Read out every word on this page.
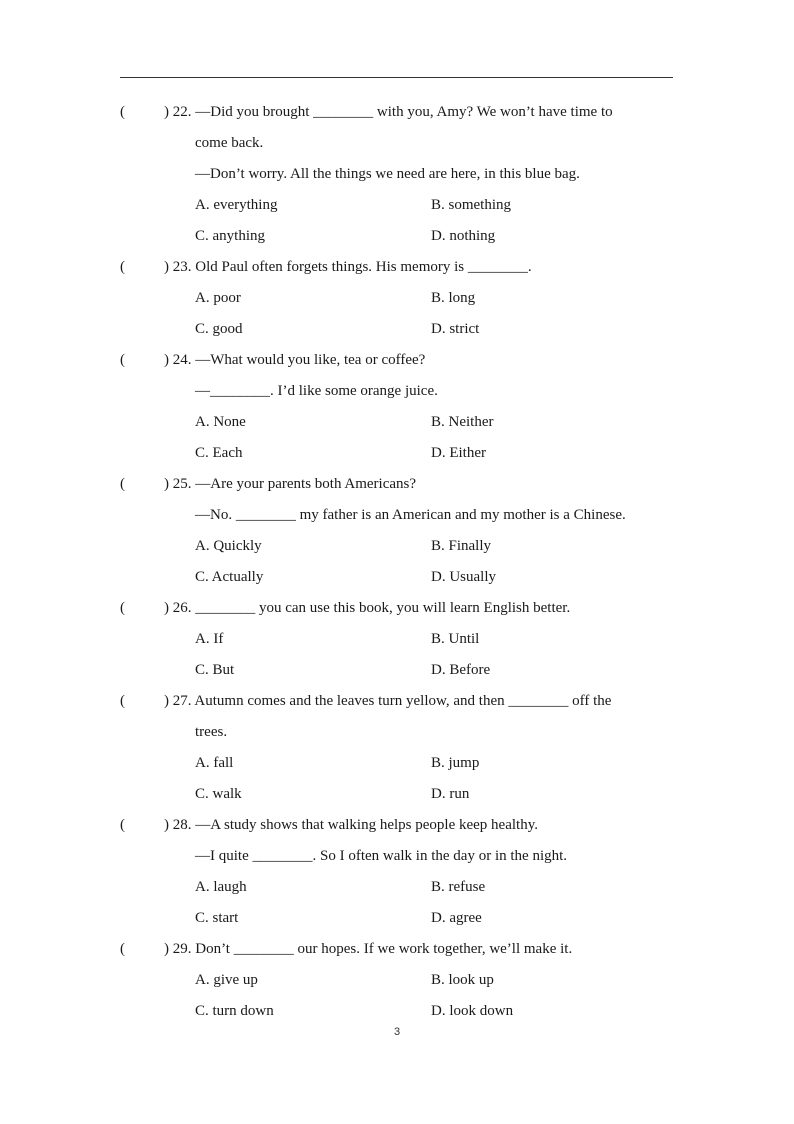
(	) 22. —Did you brought ________ with you, Amy? We won’t have time to
come back.
—Don’t worry. All the things we need are here, in this blue bag.
A. everything	B. something
C. anything	D. nothing
(	) 23. Old Paul often forgets things. His memory is ________.
A. poor	B. long
C. good	D. strict
(	) 24. —What would you like, tea or coffee?
—________. I’d like some orange juice.
A. None	B. Neither
C. Each	D. Either
(	) 25. —Are your parents both Americans?
—No. ________ my father is an American and my mother is a Chinese.
A. Quickly	B. Finally
C. Actually	D. Usually
(	) 26. ________ you can use this book, you will learn English better.
A. If	B. Until
C. But	D. Before
(	) 27. Autumn comes and the leaves turn yellow, and then ________ off the
trees.
A. fall	B. jump
C. walk	D. run
(	) 28. —A study shows that walking helps people keep healthy.
—I quite ________. So I often walk in the day or in the night.
A. laugh	B. refuse
C. start	D. agree
(	) 29. Don’t ________ our hopes. If we work together, we’ll make it.
A. give up	B. look up
C. turn down	D. look down
3
